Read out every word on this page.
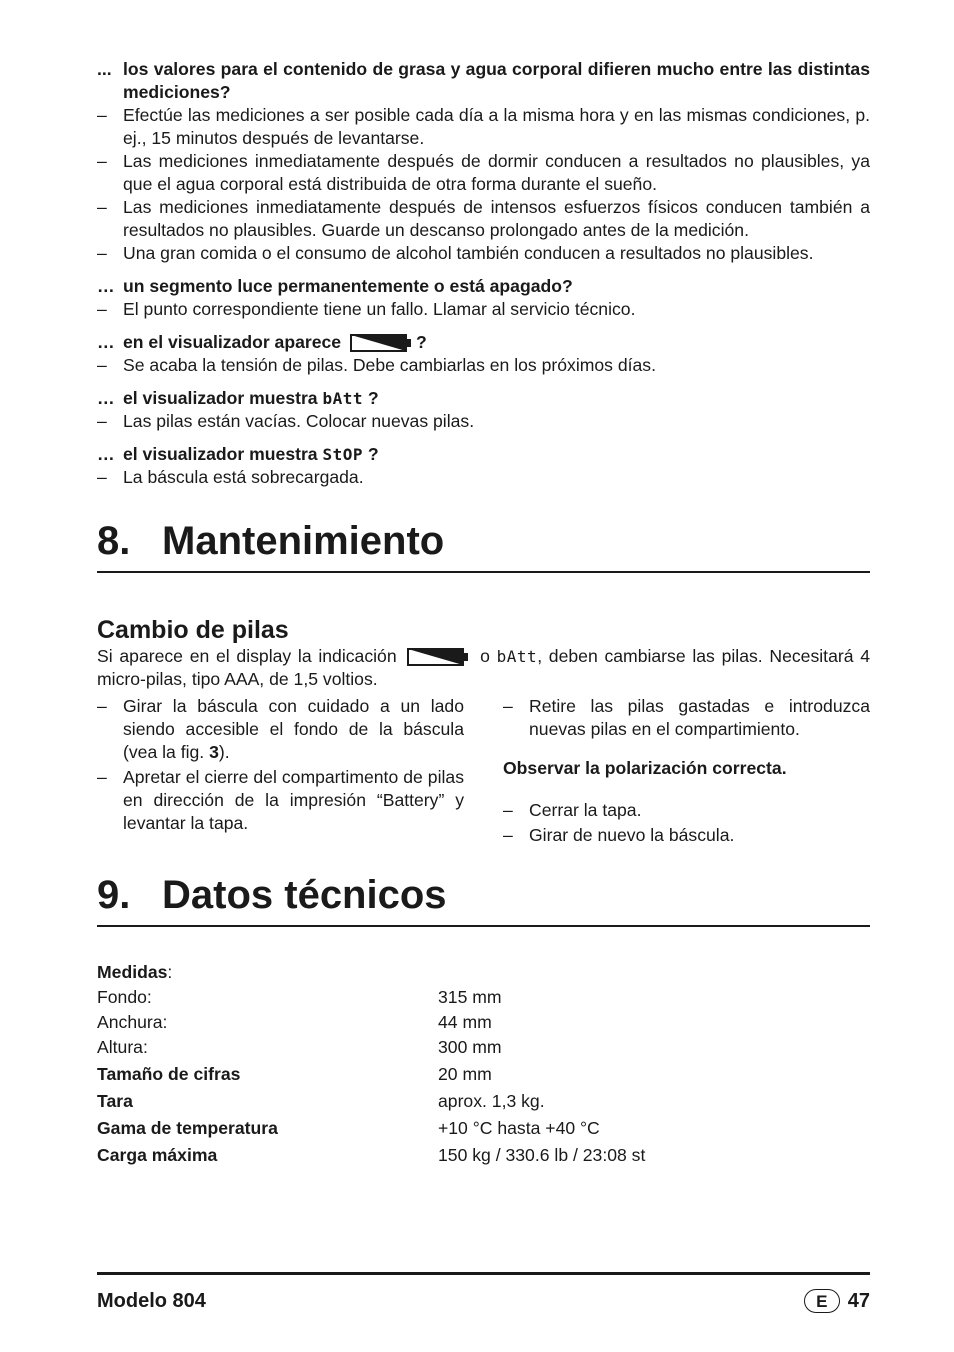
... los valores para el contenido de grasa y agua corporal difieren mucho entre las distintas mediciones?

– Efectúe las mediciones a ser posible cada día a la misma hora y en las mismas condiciones, p. ej., 15 minutos después de levantarse.
– Las mediciones inmediatamente después de dormir conducen a resultados no plausibles, ya que el agua corporal está distribuida de otra forma durante el sueño.
– Las mediciones inmediatamente después de intensos esfuerzos físicos conducen también a resultados no plausibles. Guarde un descanso prolongado antes de la medición.
– Una gran comida o el consumo de alcohol también conducen a resultados no plausibles.

… un segmento luce permanentemente o está apagado?

– El punto correspondiente tiene un fallo. Llamar al servicio técnico.

… en el visualizador aparece	?

– Se acaba la tensión de pilas. Debe cambiarlas en los próximos días.

… el visualizador muestra bAtt ?

– Las pilas están vacías. Colocar nuevas pilas.

… el visualizador muestra StOP ?

– La báscula está sobrecargada.
8. Mantenimiento
Cambio de pilas

Si aparece en el display la indicación	o bAtt, deben cambiarse las pilas. Necesitará 4 micro-pilas, tipo AAA, de 1,5 voltios.

– Girar la báscula con cuidado a un lado siendo accesible el fondo de la báscula (vea la fig. 3).
– Apretar el cierre del compartimento de pilas en dirección de la impresión “Battery” y levantar la tapa.
– Retire las pilas gastadas e introduzca nuevas pilas en el compartimiento.

Observar la polarización correcta.

– Cerrar la tapa.
– Girar de nuevo la báscula.
9. Datos técnicos

Medidas:

Fondo:	315 mm
Anchura:	44 mm
Altura:	300 mm
Tamaño de cifras	20 mm
Tara	aprox. 1,3 kg.
Gama de temperatura	+10 °C hasta +40 °C
Carga máxima	150 kg / 330.6 lb / 23:08 st
Modelo 804	E	47
